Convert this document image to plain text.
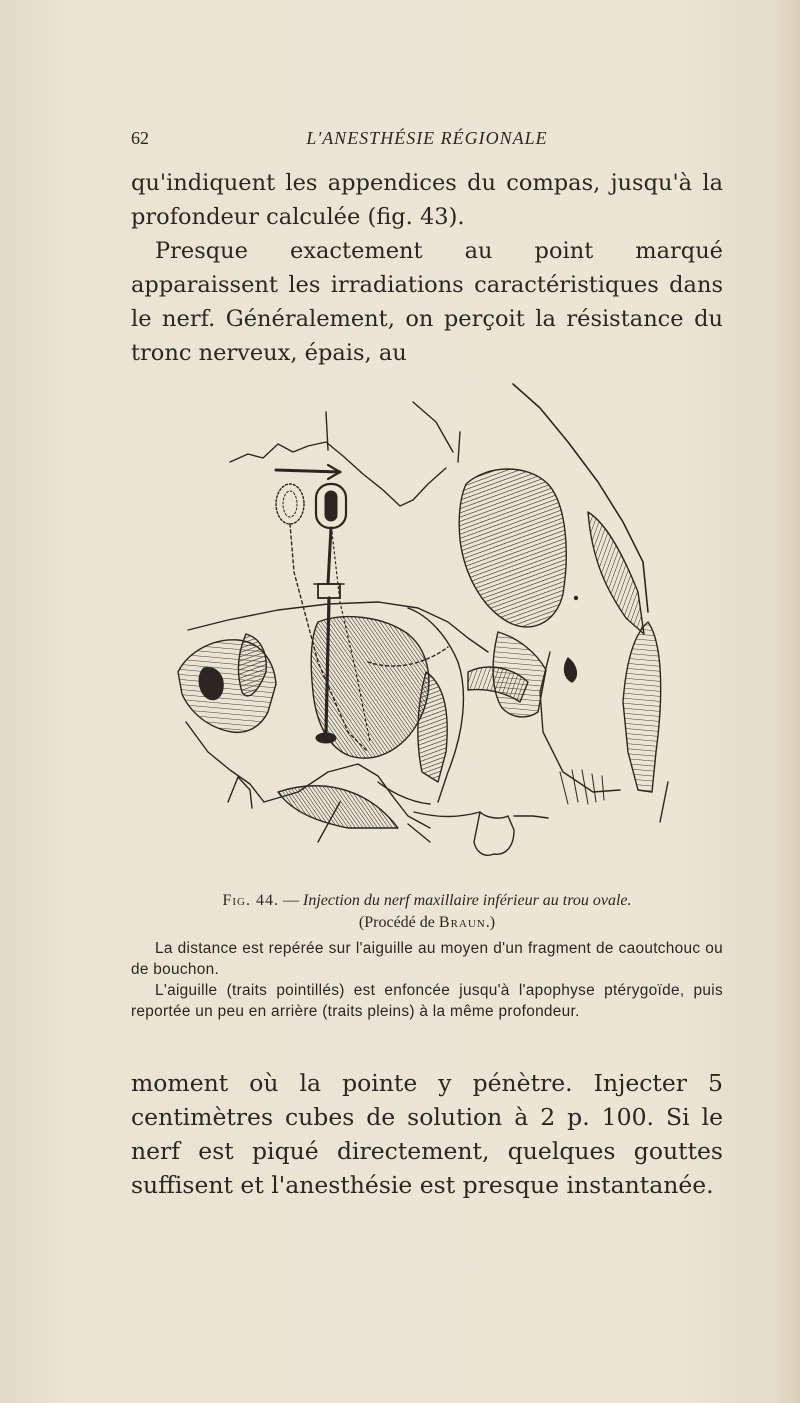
62	L'ANESTHÉSIE RÉGIONALE

qu'indiquent les appendices du compas, jusqu'à la profondeur calculée (fig. 43).

Presque exactement au point marqué apparaissent les irradiations caractéristiques dans le nerf. Généralement, on perçoit la résistance du tronc nerveux, épais, au

Fig. 44. — Injection du nerf maxillaire inférieur au trou ovale.
(Procédé de Braun.)

La distance est repérée sur l'aiguille au moyen d'un fragment de caoutchouc ou de bouchon.

L'aiguille (traits pointillés) est enfoncée jusqu'à l'apophyse ptérygoïde, puis reportée un peu en arrière (traits pleins) à la même profondeur.

moment où la pointe y pénètre. Injecter 5 centimètres cubes de solution à 2 p. 100. Si le nerf est piqué directement, quelques gouttes suffisent et l'anesthésie est presque instantanée.
